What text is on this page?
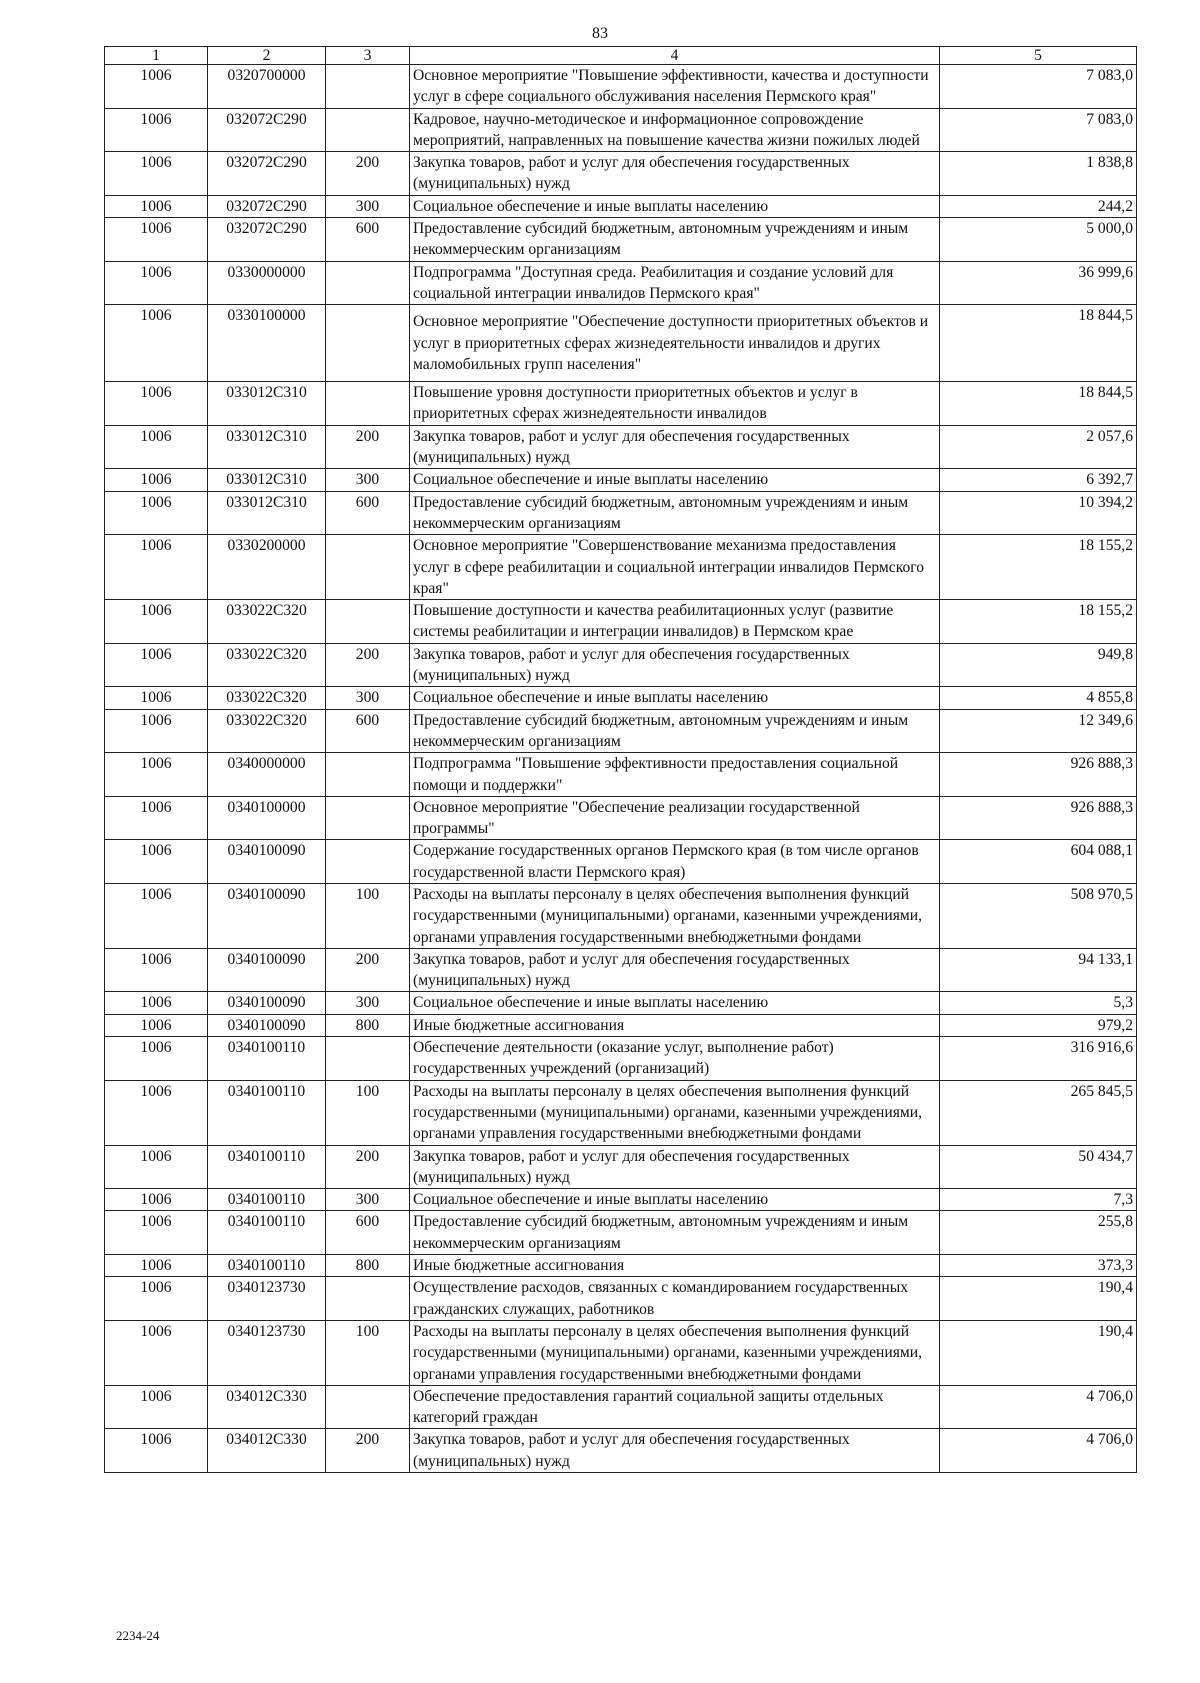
83
1	2	3	4	5
1006	0320700000		Основное мероприятие "Повышение эффективности, качества и доступности услуг в сфере социального обслуживания населения Пермского края"	7 083,0
1006	032072С290		Кадровое, научно-методическое и информационное сопровождение мероприятий, направленных на повышение качества жизни пожилых людей	7 083,0
1006	032072С290	200	Закупка товаров, работ и услуг для обеспечения государственных (муниципальных) нужд	1 838,8
1006	032072С290	300	Социальное обеспечение и иные выплаты населению	244,2
1006	032072С290	600	Предоставление субсидий бюджетным, автономным учреждениям и иным некоммерческим организациям	5 000,0
1006	0330000000		Подпрограмма "Доступная среда. Реабилитация и создание условий для социальной интеграции инвалидов Пермского края"	36 999,6
1006	0330100000		Основное мероприятие "Обеспечение доступности приоритетных объектов и услуг в приоритетных сферах жизнедеятельности инвалидов и других маломобильных групп населения"	18 844,5
1006	033012С310		Повышение уровня доступности приоритетных объектов и услуг в приоритетных сферах жизнедеятельности инвалидов	18 844,5
1006	033012С310	200	Закупка товаров, работ и услуг для обеспечения государственных (муниципальных) нужд	2 057,6
1006	033012С310	300	Социальное обеспечение и иные выплаты населению	6 392,7
1006	033012С310	600	Предоставление субсидий бюджетным, автономным учреждениям и иным некоммерческим организациям	10 394,2
1006	0330200000		Основное мероприятие "Совершенствование механизма предоставления услуг в сфере реабилитации и социальной интеграции инвалидов Пермского края"	18 155,2
1006	033022С320		Повышение доступности и качества реабилитационных услуг (развитие системы реабилитации и интеграции инвалидов) в Пермском крае	18 155,2
1006	033022С320	200	Закупка товаров, работ и услуг для обеспечения государственных (муниципальных) нужд	949,8
1006	033022С320	300	Социальное обеспечение и иные выплаты населению	4 855,8
1006	033022С320	600	Предоставление субсидий бюджетным, автономным учреждениям и иным некоммерческим организациям	12 349,6
1006	0340000000		Подпрограмма "Повышение эффективности предоставления социальной помощи и поддержки"	926 888,3
1006	0340100000		Основное мероприятие "Обеспечение реализации государственной программы"	926 888,3
1006	0340100090		Содержание государственных органов Пермского края (в том числе органов государственной власти Пермского края)	604 088,1
1006	0340100090	100	Расходы на выплаты персоналу в целях обеспечения выполнения функций государственными (муниципальными) органами, казенными учреждениями, органами управления государственными внебюджетными фондами	508 970,5
1006	0340100090	200	Закупка товаров, работ и услуг для обеспечения государственных (муниципальных) нужд	94 133,1
1006	0340100090	300	Социальное обеспечение и иные выплаты населению	5,3
1006	0340100090	800	Иные бюджетные ассигнования	979,2
1006	0340100110		Обеспечение деятельности (оказание услуг, выполнение работ) государственных учреждений (организаций)	316 916,6
1006	0340100110	100	Расходы на выплаты персоналу в целях обеспечения выполнения функций государственными (муниципальными) органами, казенными учреждениями, органами управления государственными внебюджетными фондами	265 845,5
1006	0340100110	200	Закупка товаров, работ и услуг для обеспечения государственных (муниципальных) нужд	50 434,7
1006	0340100110	300	Социальное обеспечение и иные выплаты населению	7,3
1006	0340100110	600	Предоставление субсидий бюджетным, автономным учреждениям и иным некоммерческим организациям	255,8
1006	0340100110	800	Иные бюджетные ассигнования	373,3
1006	0340123730		Осуществление расходов, связанных с командированием государственных гражданских служащих, работников	190,4
1006	0340123730	100	Расходы на выплаты персоналу в целях обеспечения выполнения функций государственными (муниципальными) органами, казенными учреждениями, органами управления государственными внебюджетными фондами	190,4
1006	034012С330		Обеспечение предоставления гарантий социальной защиты отдельных категорий граждан	4 706,0
1006	034012С330	200	Закупка товаров, работ и услуг для обеспечения государственных (муниципальных) нужд	4 706,0
2234-24
